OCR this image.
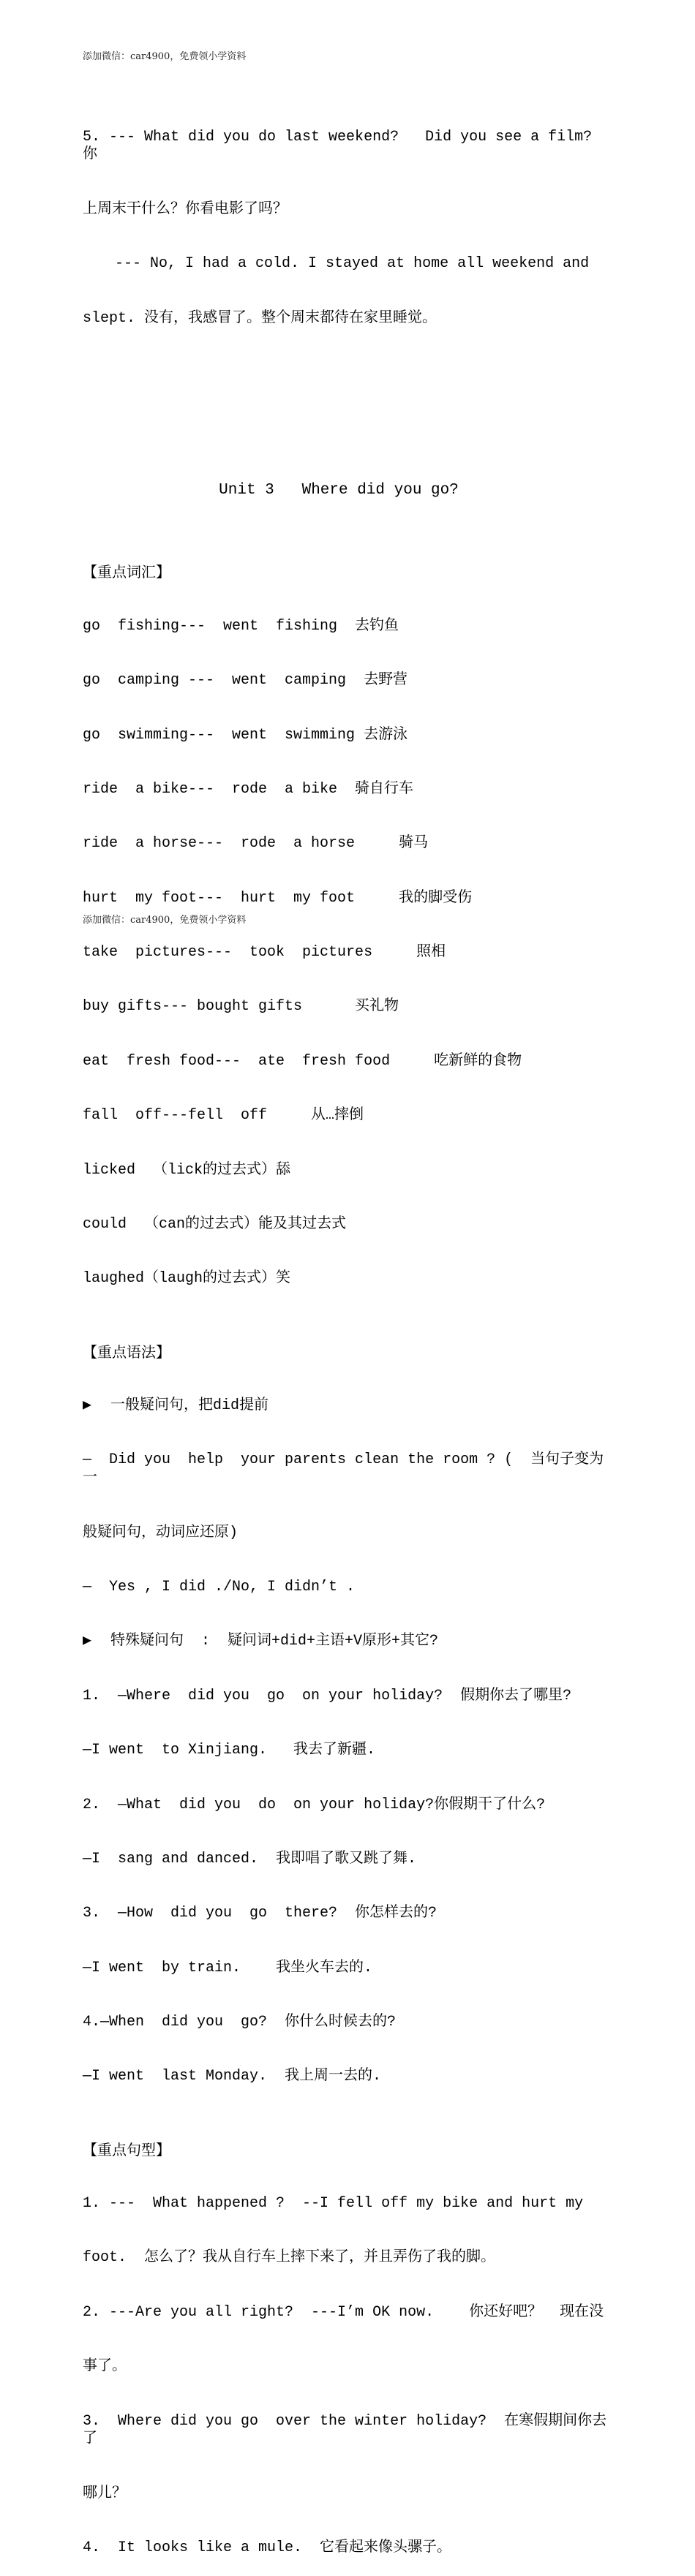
添加微信：car4900，免费领小学资料

5. --- What did you do last weekend?   Did you see a film?   你

上周末干什么？你看电影了吗？

--- No, I had a cold. I stayed at home all weekend and

slept. 没有，我感冒了。整个周末都待在家里睡觉。

Unit 3   Where did you go?

【重点词汇】

go  fishing---  went  fishing  去钓鱼

go  camping ---  went  camping  去野营

go  swimming---  went  swimming 去游泳

ride  a bike---  rode  a bike  骑自行车

ride  a horse---  rode  a horse     骑马

hurt  my foot---  hurt  my foot     我的脚受伤

take  pictures---  took  pictures     照相

buy gifts--- bought gifts      买礼物

eat  fresh food---  ate  fresh food     吃新鲜的食物

fall  off---fell  off     从…摔倒

licked  （lick的过去式）舔

could  （can的过去式）能及其过去式

laughed（laugh的过去式）笑

【重点语法】

▶ 一般疑问句，把did提前

—  Did you  help  your parents clean the room ? (  当句子变为一

般疑问句，动词应还原)

—  Yes , I did ./No, I didn’t .

▶ 特殊疑问句  :  疑问词+did+主语+V原形+其它?

1.  —Where  did you  go  on your holiday?  假期你去了哪里?

—I went  to Xinjiang.   我去了新疆.

2.  —What  did you  do  on your holiday?你假期干了什么?

—I  sang and danced.  我即唱了歌又跳了舞.

3.  —How  did you  go  there?  你怎样去的?

—I went  by train.    我坐火车去的.

4.—When  did you  go?  你什么时候去的?

—I went  last Monday.  我上周一去的.

【重点句型】

1. ---  What happened ?  --I fell off my bike and hurt my

foot.  怎么了？我从自行车上摔下来了，并且弄伤了我的脚。

2. ---Are you all right?  ---I’m OK now.    你还好吧？  现在没

事了。

3.  Where did you go  over the winter holiday?  在寒假期间你去了

哪儿？

4.  It looks like a mule.  它看起来像头骡子。

添加微信：car4900，免费领小学资料
